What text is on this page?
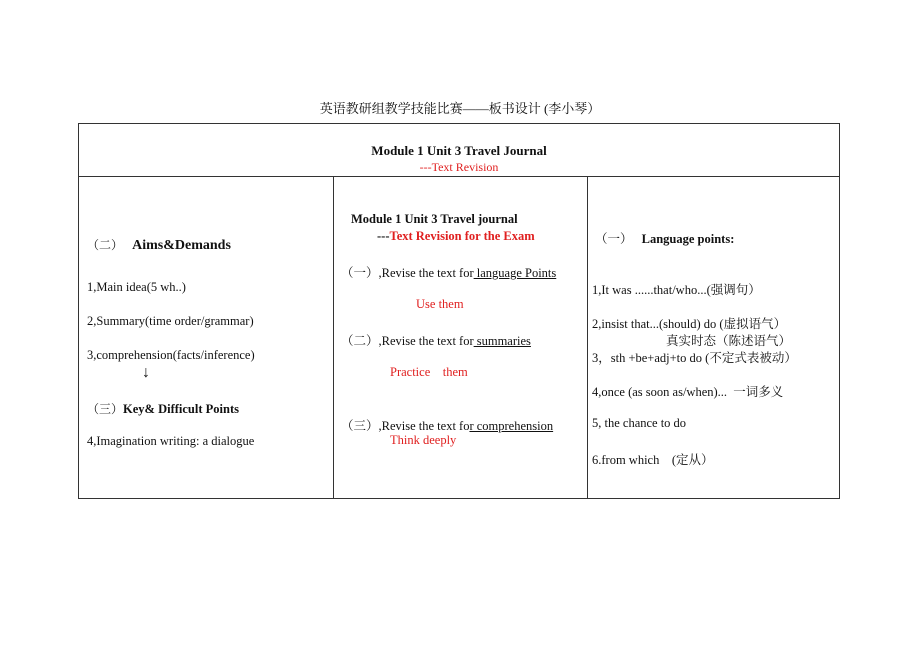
英语教研组教学技能比赛——板书设计 (李小琴）
Module 1 Unit 3 Travel Journal
---Text Revision
（二） Aims&Demands
1,Main idea(5 wh..)
2,Summary(time order/grammar)
3,comprehension(facts/inference)
↓
（三）Key& Difficult Points
4,Imagination writing: a dialogue
Module 1 Unit 3 Travel journal
---Text Revision for the Exam
（一）,Revise the text for language Points
Use them
（二）,Revise the text for summaries
Practice    them
（三）,Revise the text for comprehension
Think deeply
（一） Language points:
1,It was ......that/who...(强调句）
2,insist that...(should) do (虚拟语气）
真实时态（陈述语气）
3，sth +be+adj+to do (不定式表被动）
4,once (as soon as/when)...  一词多义
5, the chance to do
6.from which    (定从）
